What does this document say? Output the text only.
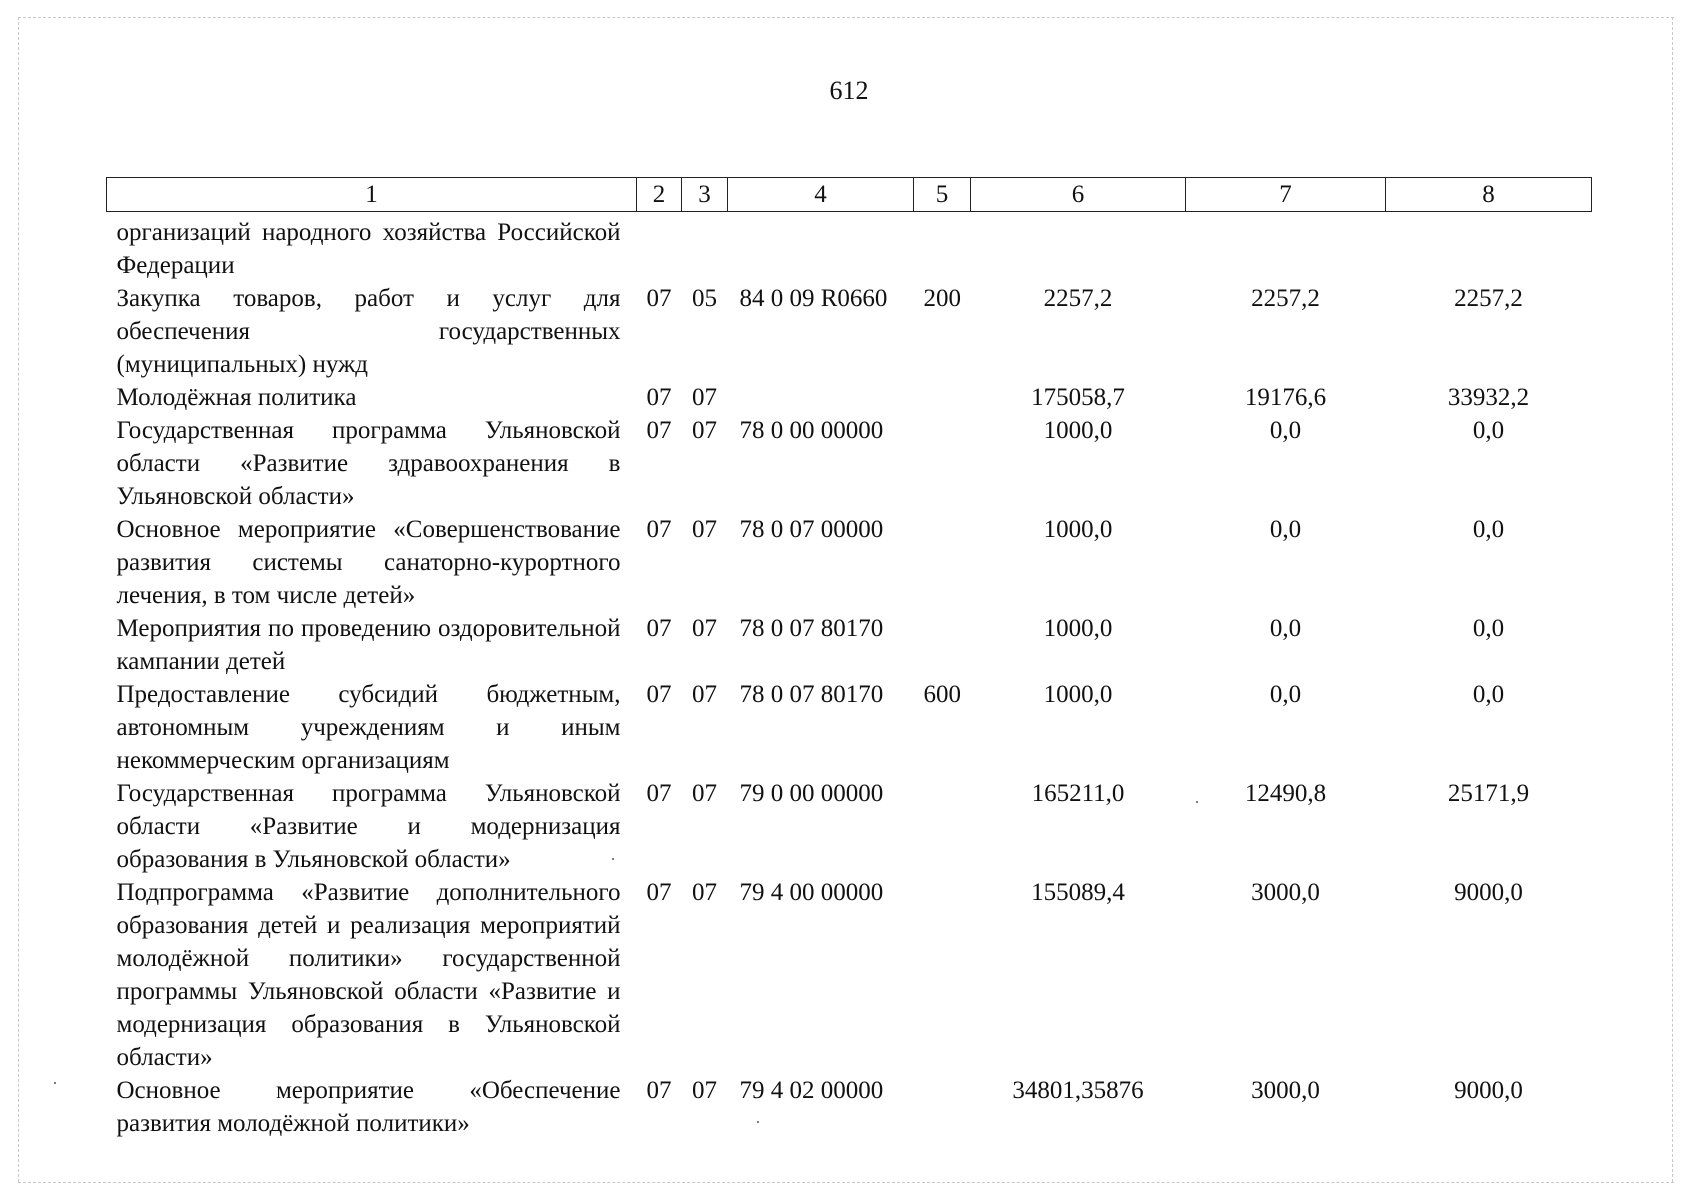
612
1	2	3	4	5	6	7	8
организаций народного хозяйства Российской Федерации							
Закупка товаров, работ и услуг для обеспечения государственных (муниципальных) нужд	07	05	84 0 09 R0660	200	2257,2	2257,2	2257,2
Молодёжная политика	07	07			175058,7	19176,6	33932,2
Государственная программа Ульяновской области «Развитие здравоохранения в Ульяновской области»	07	07	78 0 00 00000		1000,0	0,0	0,0
Основное мероприятие «Совершенствование развития системы санаторно-курортного лечения, в том числе детей»	07	07	78 0 07 00000		1000,0	0,0	0,0
Мероприятия по проведению оздоровительной кампании детей	07	07	78 0 07 80170		1000,0	0,0	0,0
Предоставление субсидий бюджетным, автономным учреждениям и иным некоммерческим организациям	07	07	78 0 07 80170	600	1000,0	0,0	0,0
Государственная программа Ульяновской области «Развитие и модернизация образования в Ульяновской области»	07	07	79 0 00 00000		165211,0	12490,8	25171,9
Подпрограмма «Развитие дополнительного образования детей и реализация мероприятий молодёжной политики» государственной программы Ульяновской области «Развитие и модернизация образования в Ульяновской области»	07	07	79 4 00 00000		155089,4	3000,0	9000,0
Основное мероприятие «Обеспечение развития молодёжной политики»	07	07	79 4 02 00000		34801,35876	3000,0	9000,0
